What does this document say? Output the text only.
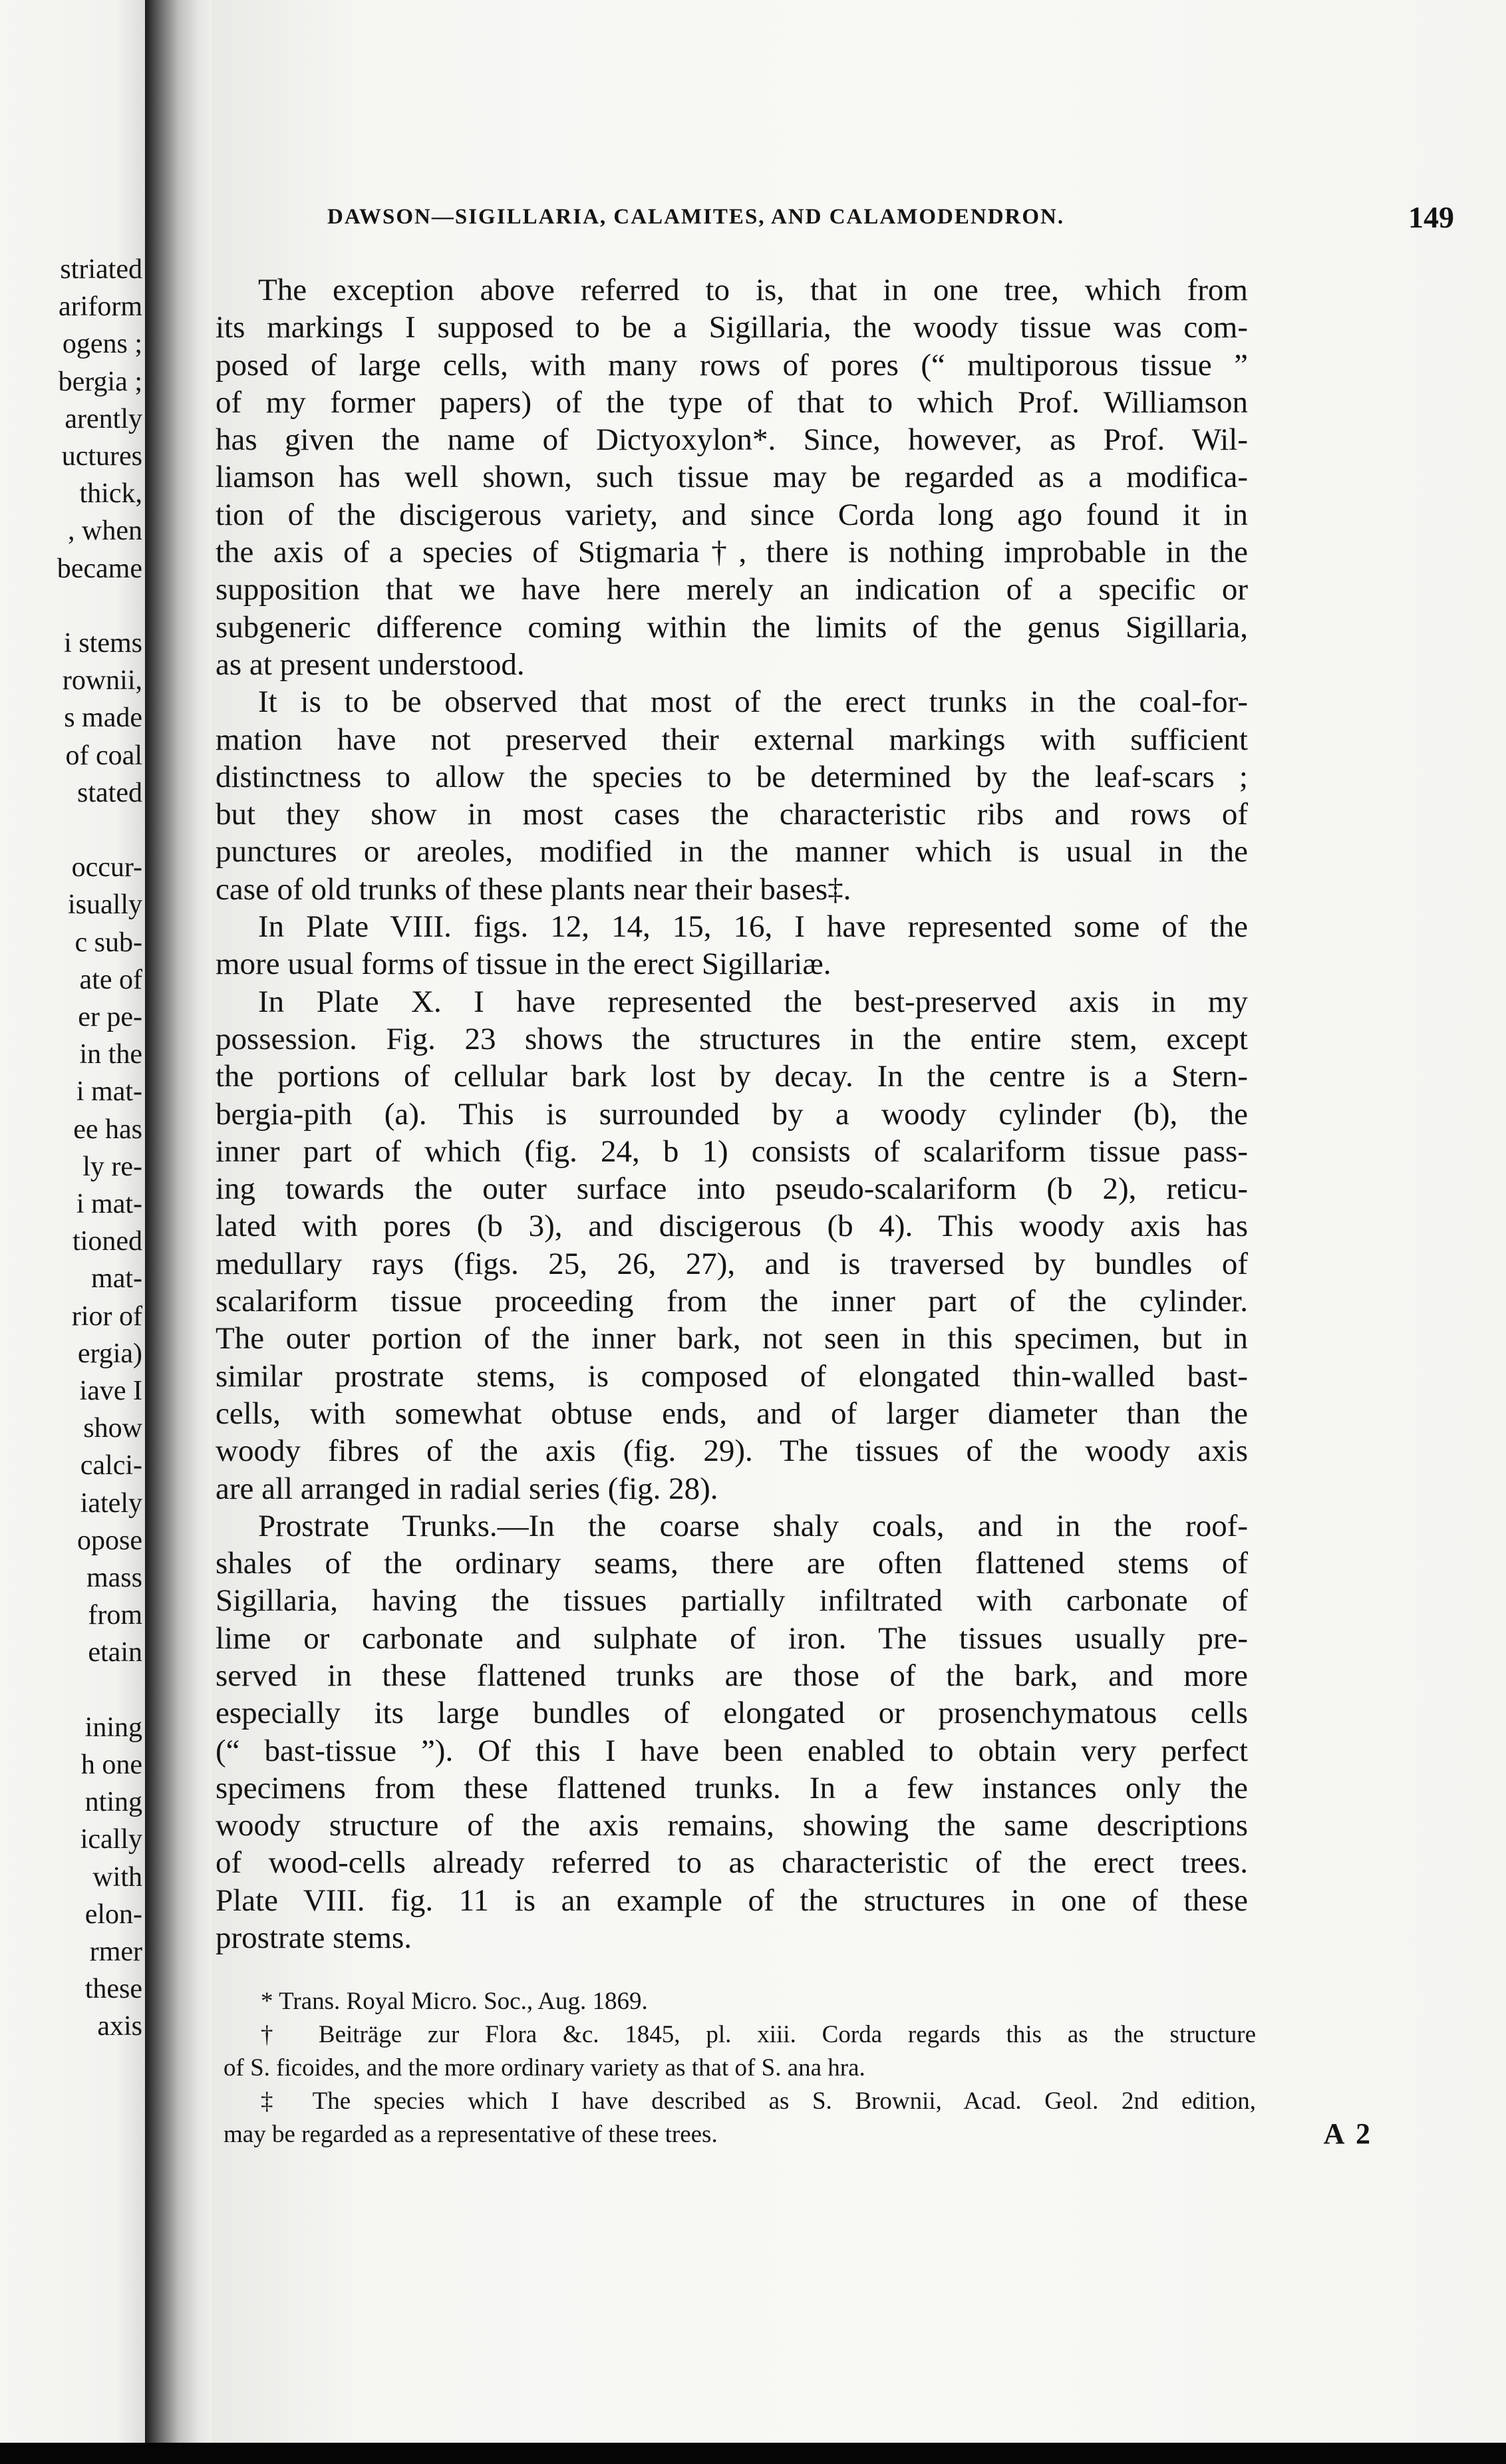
striated
ariform
ogens ;
bergia ;
arently
uctures
thick,
, when
became
i stems
rownii,
s made
of coal
stated
occur-
isually
c sub-
ate of
er pe-
in the
i mat-
ee has
ly re-
i mat-
tioned
mat-
rior of
ergia)
iave I
show
calci-
iately
opose
mass
from
etain
ining
h one
nting
ically
with
elon-
rmer
these
axis
DAWSON—SIGILLARIA, CALAMITES, AND CALAMODENDRON.	149
The exception above referred to is, that in one tree, which from
its markings I supposed to be a Sigillaria, the woody tissue was com-
posed of large cells, with many rows of pores (“ multiporous tissue ”
of my former papers) of the type of that to which Prof. Williamson
has given the name of Dictyoxylon*. Since, however, as Prof. Wil-
liamson has well shown, such tissue may be regarded as a modifica-
tion of the discigerous variety, and since Corda long ago found it in
the axis of a species of Stigmaria†, there is nothing improbable in the
supposition that we have here merely an indication of a specific or
subgeneric difference coming within the limits of the genus Sigillaria,
as at present understood.
It is to be observed that most of the erect trunks in the coal-for-
mation have not preserved their external markings with sufficient
distinctness to allow the species to be determined by the leaf-scars ;
but they show in most cases the characteristic ribs and rows of
punctures or areoles, modified in the manner which is usual in the
case of old trunks of these plants near their bases‡.
In Plate VIII. figs. 12, 14, 15, 16, I have represented some of the
more usual forms of tissue in the erect Sigillariæ.
In Plate X. I have represented the best-preserved axis in my
possession. Fig. 23 shows the structures in the entire stem, except
the portions of cellular bark lost by decay. In the centre is a Stern-
bergia-pith (a). This is surrounded by a woody cylinder (b), the
inner part of which (fig. 24, b 1) consists of scalariform tissue pass-
ing towards the outer surface into pseudo-scalariform (b 2), reticu-
lated with pores (b 3), and discigerous (b 4). This woody axis has
medullary rays (figs. 25, 26, 27), and is traversed by bundles of
scalariform tissue proceeding from the inner part of the cylinder.
The outer portion of the inner bark, not seen in this specimen, but in
similar prostrate stems, is composed of elongated thin-walled bast-
cells, with somewhat obtuse ends, and of larger diameter than the
woody fibres of the axis (fig. 29). The tissues of the woody axis
are all arranged in radial series (fig. 28).
Prostrate Trunks.—In the coarse shaly coals, and in the roof-
shales of the ordinary seams, there are often flattened stems of
Sigillaria, having the tissues partially infiltrated with carbonate of
lime or carbonate and sulphate of iron. The tissues usually pre-
served in these flattened trunks are those of the bark, and more
especially its large bundles of elongated or prosenchymatous cells
(“ bast-tissue ”). Of this I have been enabled to obtain very perfect
specimens from these flattened trunks. In a few instances only the
woody structure of the axis remains, showing the same descriptions
of wood-cells already referred to as characteristic of the erect trees.
Plate VIII. fig. 11 is an example of the structures in one of these
prostrate stems.
* Trans. Royal Micro. Soc., Aug. 1869.
† Beiträge zur Flora &c. 1845, pl. xiii. Corda regards this as the structure
of S. ficoides, and the more ordinary variety as that of S. ana hra.
‡ The species which I have described as S. Brownii, Acad. Geol. 2nd edition,
may be regarded as a representative of these trees.	A 2
